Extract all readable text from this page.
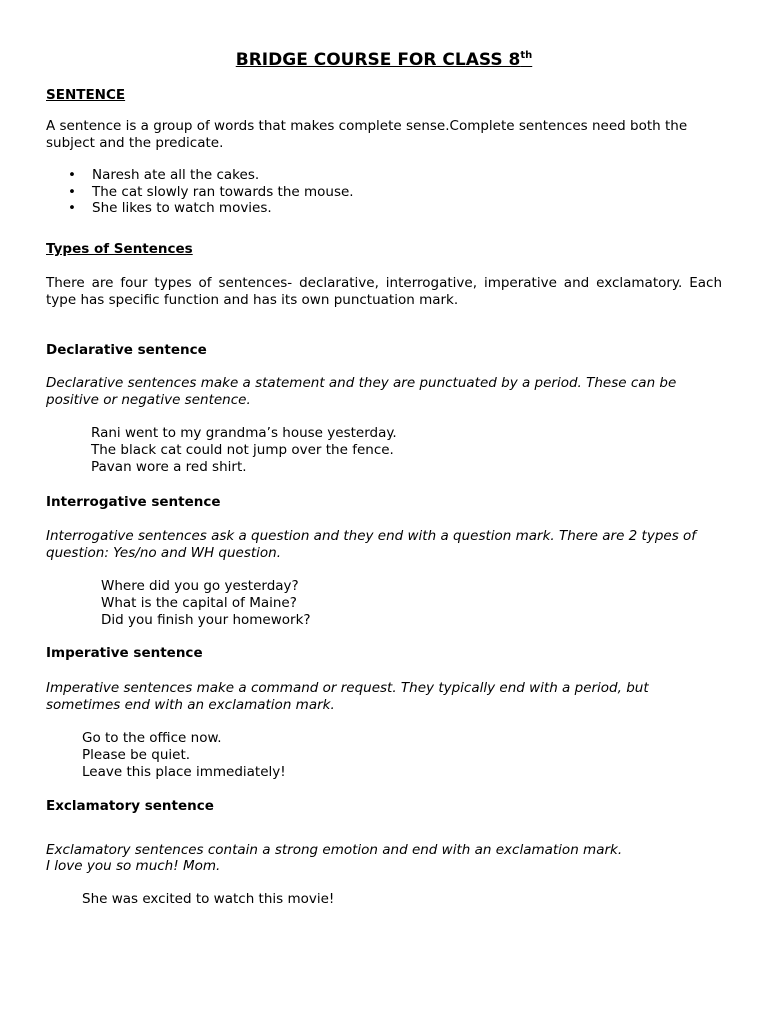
BRIDGE COURSE FOR CLASS 8th
SENTENCE

A sentence is a group of words that makes complete sense.Complete sentences need both the subject and the predicate.

• Naresh ate all the cakes.
• The cat slowly ran towards the mouse.
• She likes to watch movies.
Types of Sentences

There are four types of sentences- declarative, interrogative, imperative and exclamatory. Each type has specific function and has its own punctuation mark.

Declarative sentence

Declarative sentences make a statement and they are punctuated by a period. These can be positive or negative sentence.

Rani went to my grandma’s house yesterday.
The black cat could not jump over the fence.
Pavan wore a red shirt.
Interrogative sentence

Interrogative sentences ask a question and they end with a question mark. There are 2 types of question: Yes/no and WH question.

Where did you go yesterday?
What is the capital of Maine?
Did you finish your homework?
Imperative sentence

Imperative sentences make a command or request. They typically end with a period, but sometimes end with an exclamation mark.

Go to the office now.
Please be quiet.
Leave this place immediately!
Exclamatory sentence
Exclamatory sentences contain a strong emotion and end with an exclamation mark.
I love you so much! Mom.
She was excited to watch this movie!
